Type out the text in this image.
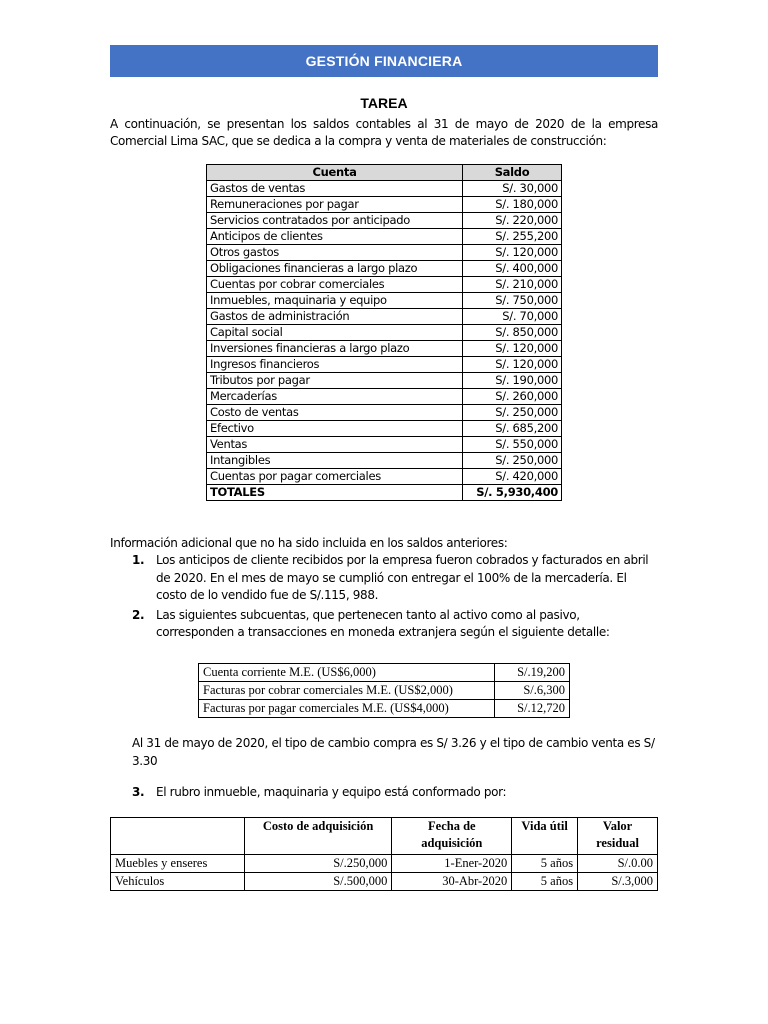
GESTIÓN FINANCIERA
TAREA
A continuación, se presentan los saldos contables al 31 de mayo de 2020 de la empresa Comercial Lima SAC, que se dedica a la compra y venta de materiales de construcción:
Cuenta	Saldo
Gastos de ventas	S/. 30,000
Remuneraciones por pagar	S/. 180,000
Servicios contratados por anticipado	S/. 220,000
Anticipos de clientes	S/. 255,200
Otros gastos	S/. 120,000
Obligaciones financieras a largo plazo	S/. 400,000
Cuentas por cobrar comerciales	S/. 210,000
Inmuebles, maquinaria y equipo	S/. 750,000
Gastos de administración	S/. 70,000
Capital social	S/. 850,000
Inversiones financieras a largo plazo	S/. 120,000
Ingresos financieros	S/. 120,000
Tributos por pagar	S/. 190,000
Mercaderías	S/. 260,000
Costo de ventas	S/. 250,000
Efectivo	S/. 685,200
Ventas	S/. 550,000
Intangibles	S/. 250,000
Cuentas por pagar comerciales	S/. 420,000
TOTALES	S/. 5,930,400
Información adicional que no ha sido incluida en los saldos anteriores:
1. Los anticipos de cliente recibidos por la empresa fueron cobrados y facturados en abril de 2020. En el mes de mayo se cumplió con entregar el 100% de la mercadería. El costo de lo vendido fue de S/.115, 988.
2. Las siguientes subcuentas, que pertenecen tanto al activo como al pasivo, corresponden a transacciones en moneda extranjera según el siguiente detalle:
Cuenta corriente M.E. (US$6,000)	S/.19,200
Facturas por cobrar comerciales M.E. (US$2,000)	S/.6,300
Facturas por pagar comerciales M.E. (US$4,000)	S/.12,720
Al 31 de mayo de 2020, el tipo de cambio compra es S/ 3.26 y el tipo de cambio venta es S/ 3.30
3. El rubro inmueble, maquinaria y equipo está conformado por:
	Costo de adquisición	Fecha de adquisición	Vida útil	Valor residual
Muebles y enseres	S/.250,000	1-Ener-2020	5 años	S/.0.00
Vehículos	S/.500,000	30-Abr-2020	5 años	S/.3,000
